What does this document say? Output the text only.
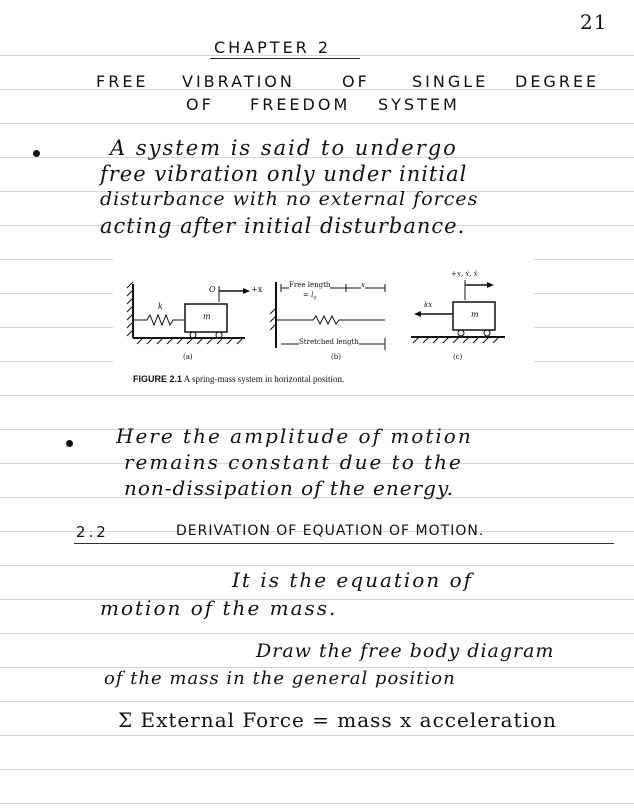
21
CHAPTER 2
FREE VIBRATION	OF	SINGLE DEGREE
OF FREEDOM SYSTEM
A system is said to undergo
free vibration only under initial
disturbance with no external forces
acting after initial disturbance.
k
m
O	+x	Free length	x
= $l_0$
Stretched length
+x, ẋ, ẍ
kx
m
(a)	(b)	(c)
FIGURE 2.1 A spring-mass system in horizontal position.
Here the amplitude of motion
remains constant due to the
non-dissipation of the energy.
2.2	DERIVATION OF EQUATION OF MOTION.
It is the equation of
motion of the mass.
Draw the free body diagram
of the mass in the general position
Σ External Force = mass x acceleration
